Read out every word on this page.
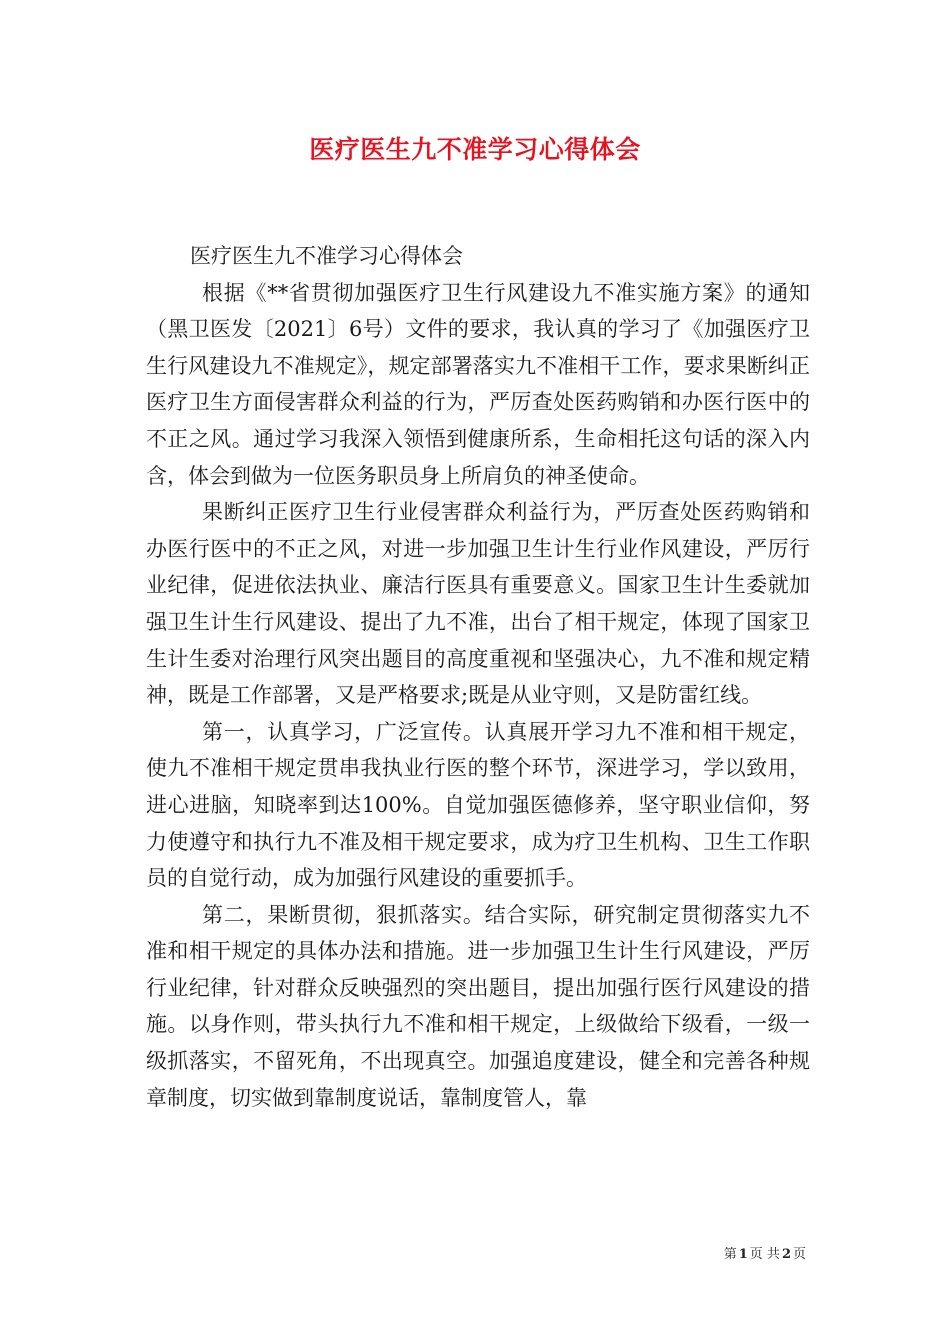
医疗医生九不准学习心得体会

医疗医生九不准学习心得体会

根据《**省贯彻加强医疗卫生行风建设九不准实施方案》的通知（黑卫医发〔2021〕6号）文件的要求，我认真的学习了《加强医疗卫生行风建设九不准规定》，规定部署落实九不准相干工作，要求果断纠正医疗卫生方面侵害群众利益的行为，严厉查处医药购销和办医行医中的不正之风。通过学习我深入领悟到健康所系，生命相托这句话的深入内含，体会到做为一位医务职员身上所肩负的神圣使命。

果断纠正医疗卫生行业侵害群众利益行为，严厉查处医药购销和办医行医中的不正之风，对进一步加强卫生计生行业作风建设，严厉行业纪律，促进依法执业、廉洁行医具有重要意义。国家卫生计生委就加强卫生计生行风建设、提出了九不准，出台了相干规定，体现了国家卫生计生委对治理行风突出题目的高度重视和坚强决心，九不准和规定精神，既是工作部署，又是严格要求;既是从业守则，又是防雷红线。

第一，认真学习，广泛宣传。认真展开学习九不准和相干规定，使九不准相干规定贯串我执业行医的整个环节，深进学习，学以致用，进心进脑，知晓率到达100%。自觉加强医德修养，坚守职业信仰，努力使遵守和执行九不准及相干规定要求，成为疗卫生机构、卫生工作职员的自觉行动，成为加强行风建设的重要抓手。

第二，果断贯彻，狠抓落实。结合实际，研究制定贯彻落实九不准和相干规定的具体办法和措施。进一步加强卫生计生行风建设，严厉行业纪律，针对群众反映强烈的突出题目，提出加强行医行风建设的措施。以身作则，带头执行九不准和相干规定，上级做给下级看，一级一级抓落实，不留死角，不出现真空。加强追度建设，健全和完善各种规章制度，切实做到靠制度说话，靠制度管人，靠

第 1 页 共 2 页
